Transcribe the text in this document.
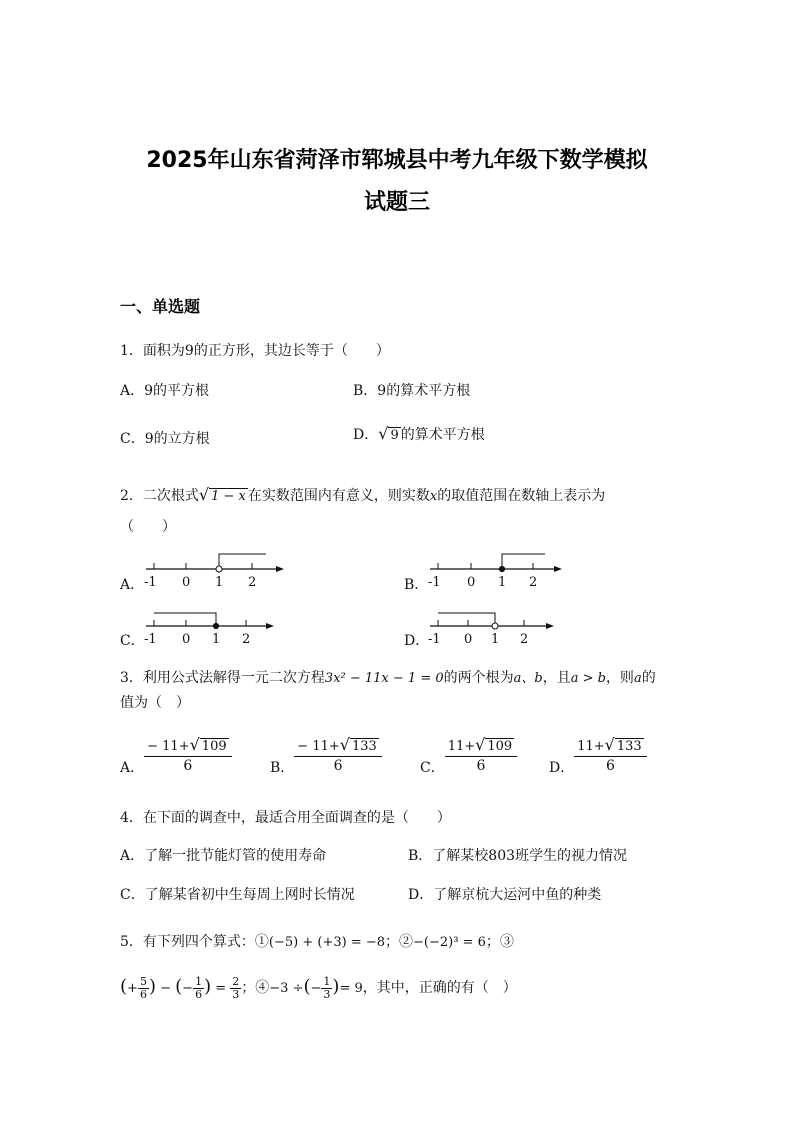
2025年山东省菏泽市郓城县中考九年级下数学模拟
试题三
一、单选题
1．面积为9的正方形，其边长等于（　　）
A．9的平方根	B．9的算术平方根
C．9的立方根	D．√ 9 的算术平方根
2．二次根式√ 1 − x 在实数范围内有意义，则实数x的取值范围在数轴上表示为
（　　）
A． -1 0 1 2	B． -1 0 1 2
C． -1 0 1 2	D．
-1 0 1 2
3．利用公式法解得一元二次方程3x² − 11x − 1 = 0的两个根为a、b，且a > b，则a的
值为（　）
A． $\frac{- 11+√ 109}{6}$	B． $\frac{- 11+√ 133}{6}$	C． $\frac{11+√ 109}{6}$ D． $\frac{11+√ 133}{6}$
4．在下面的调查中，最适合用全面调查的是（　　）
A．了解一批节能灯管的使用寿命	B．了解某校803班学生的视力情况
C．了解某省初中生每周上网时长情况	D．了解京杭大运河中鱼的种类
5．有下列四个算式：①(−5) + (+3) = −8；②−(−2)³ = 6；③
(+ $\frac{5}{6}$ ) − (− $\frac{1}{6}$ ) = $\frac{2}{3}$ ；④−3 ÷(− $\frac{1}{3}$ )= 9，其中，正确的有（　）
